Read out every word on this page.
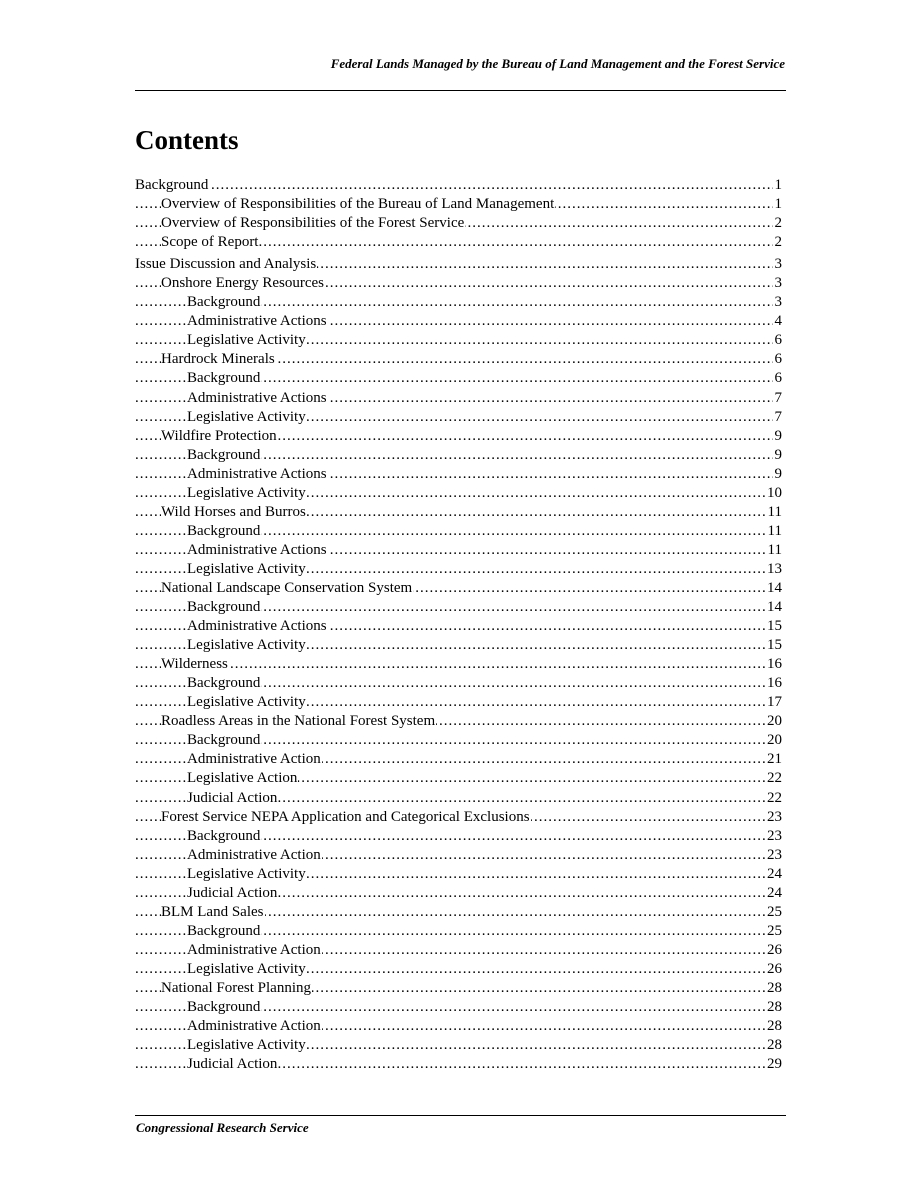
Federal Lands Managed by the Bureau of Land Management and the Forest Service
Contents
.....
Background	1
.....
Overview of Responsibilities of the Bureau of Land Management	1
.....
Overview of Responsibilities of the Forest Service	2
.....
Scope of Report	2
.....
Issue Discussion and Analysis	3
.....
Onshore Energy Resources	3
.....
Background	3
.....
Administrative Actions	4
.....
Legislative Activity	6
.....
Hardrock Minerals	6
.....
Background	6
.....
Administrative Actions	7
.....
Legislative Activity	7
.....
Wildfire Protection	9
.....
Background	9
.....
Administrative Actions	9
.....
Legislative Activity	10
.....
Wild Horses and Burros	11
.....
Background	11
.....
Administrative Actions	11
.....
Legislative Activity	13
.....
National Landscape Conservation System	14
.....
Background	14
.....
Administrative Actions	15
.....
Legislative Activity	15
.....
Wilderness	16
.....
Background	16
.....
Legislative Activity	17
.....
Roadless Areas in the National Forest System	20
.....
Background	20
.....
Administrative Action	21
.....
Legislative Action	22
.....
Judicial Action	22
.....
Forest Service NEPA Application and Categorical Exclusions	23
.....
Background	23
.....
Administrative Action	23
.....
Legislative Activity	24
.....
Judicial Action	24
.....
BLM Land Sales	25
.....
Background	25
.....
Administrative Action	26
.....
Legislative Activity	26
.....
National Forest Planning	28
.....
Background	28
.....
Administrative Action	28
.....
Legislative Activity	28
.....
Judicial Action	29
Congressional Research Service
